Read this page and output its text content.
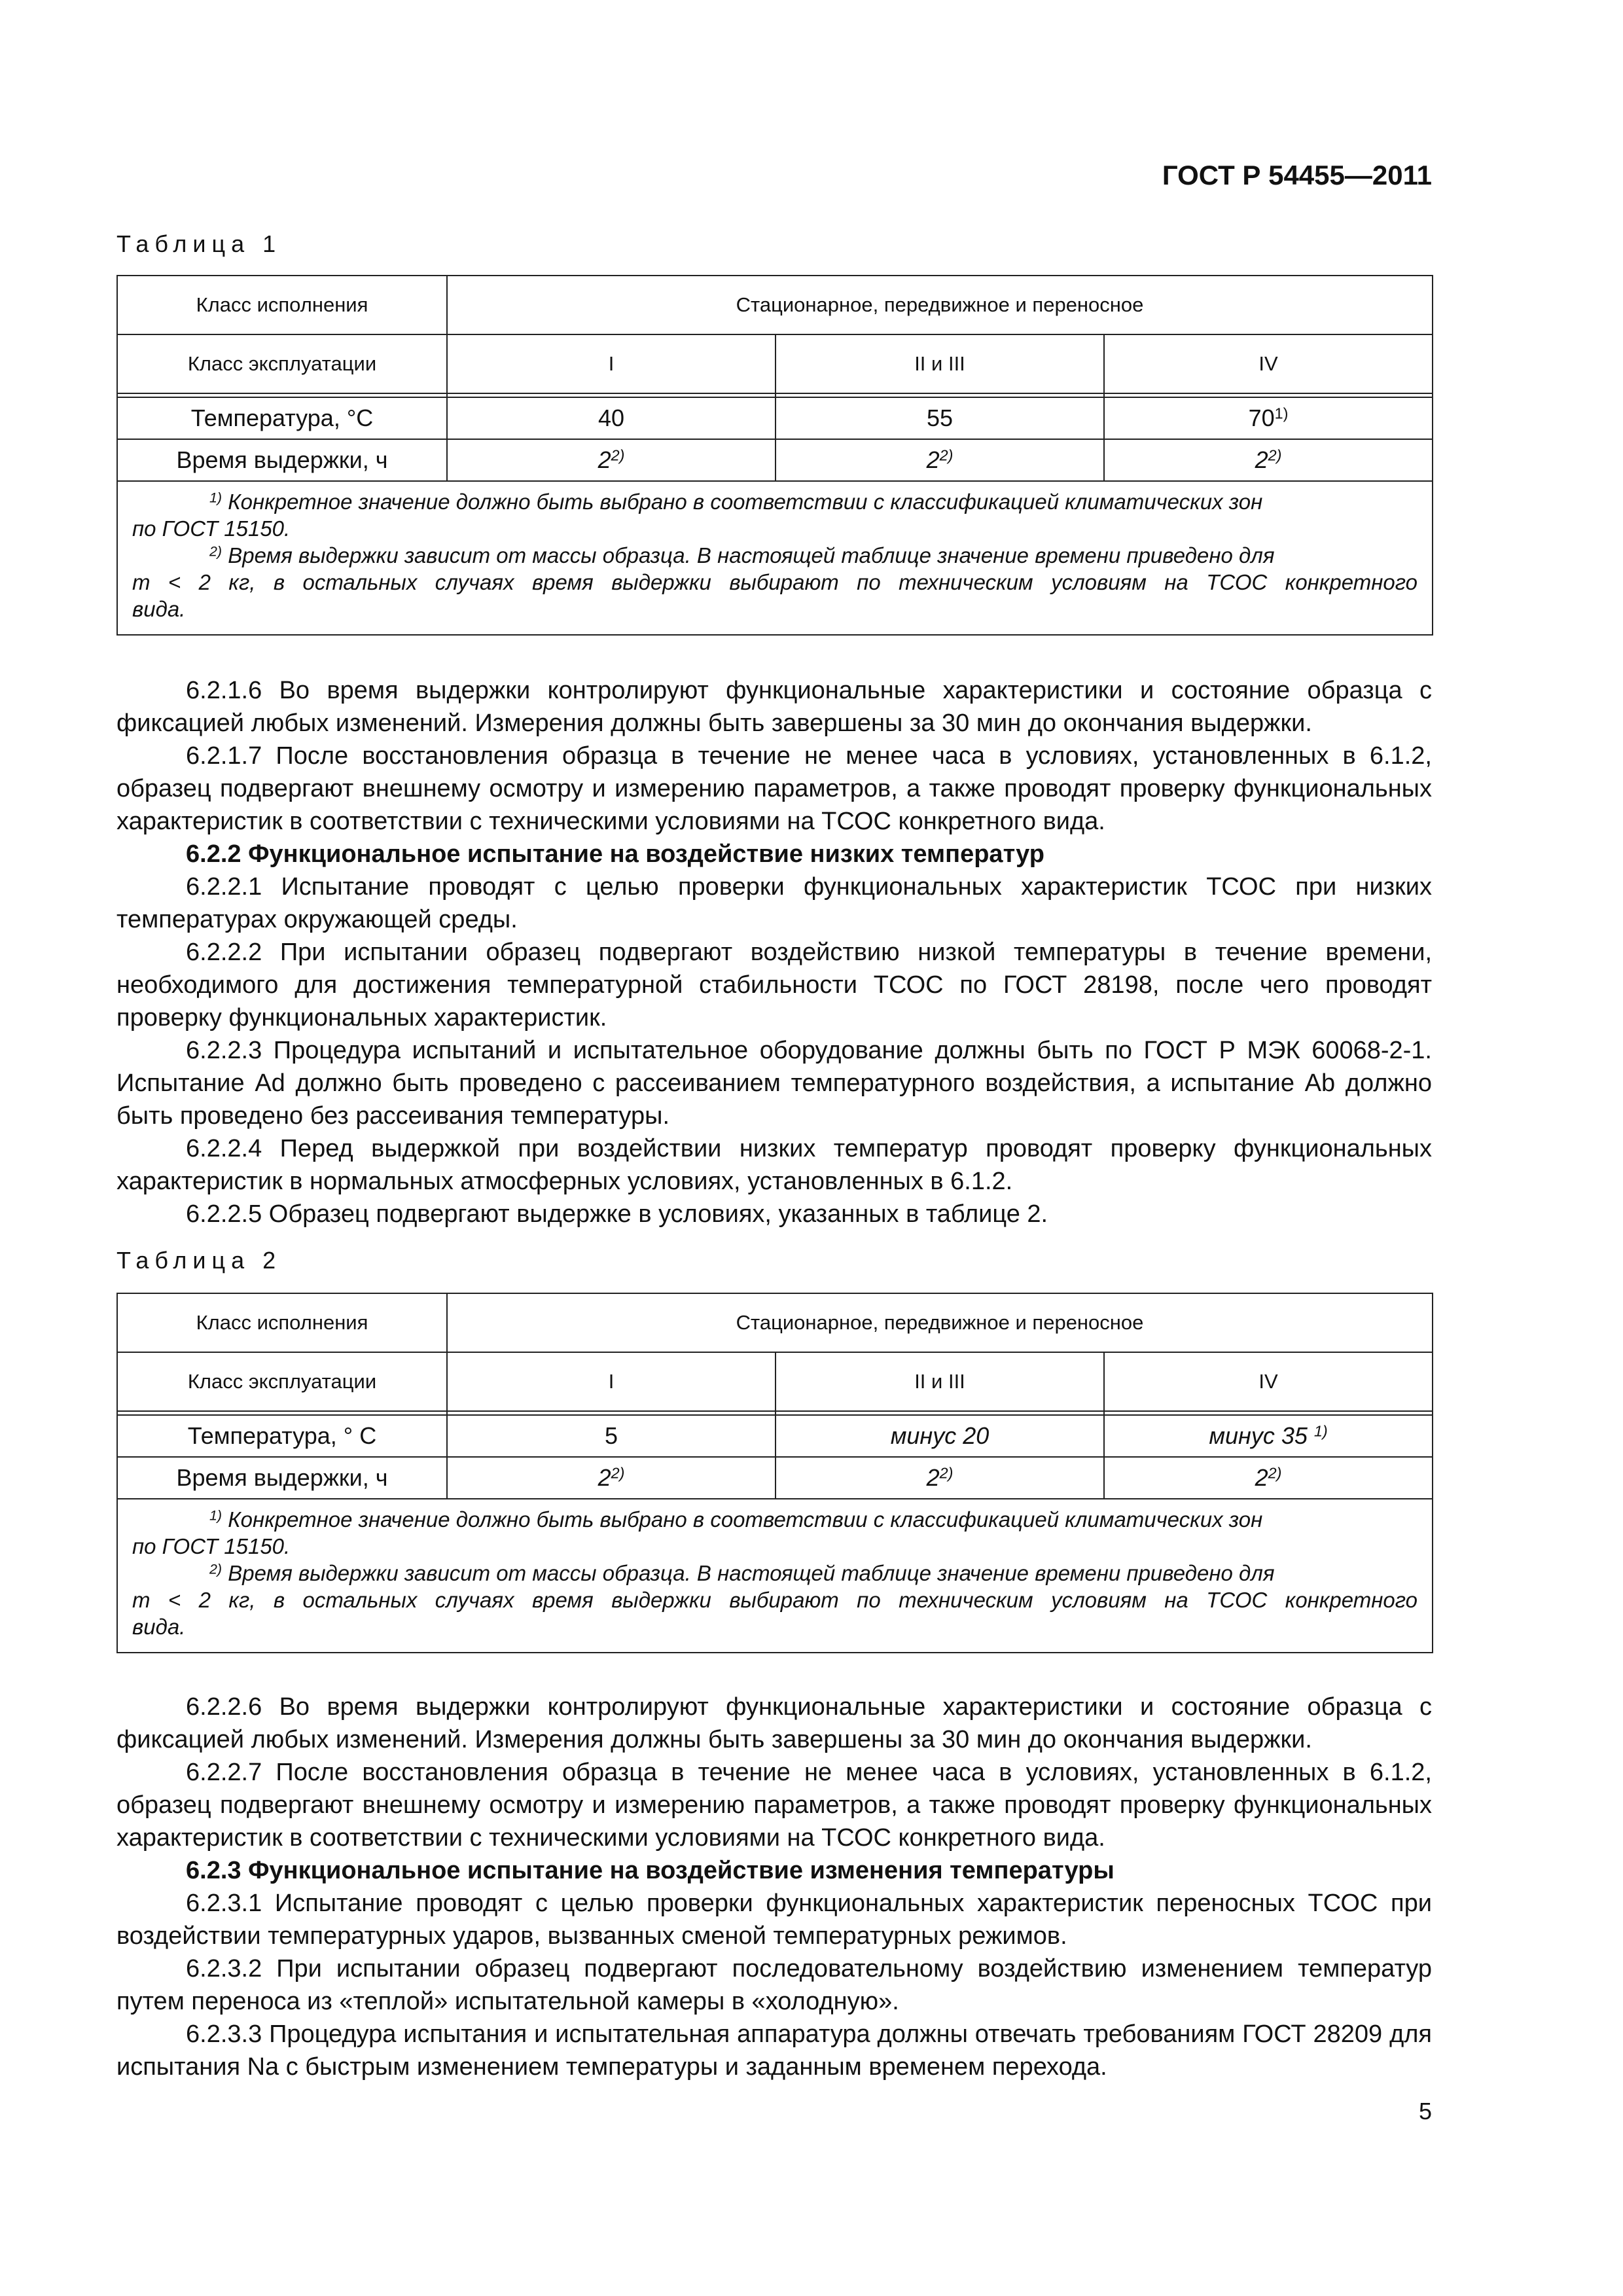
ГОСТ Р 54455—2011
Таблица 1
Класс исполнения	Стационарное, передвижное и переносное		
Класс эксплуатации	I	II и III	IV

Температура, °С	40	55	70$^{1)}$
Время выдержки, ч	2$^{2)}$	2$^{2)}$	2$^{2)}$

$^{1)}$ Конкретное значение должно быть выбрано в соответствии с классификацией климатических зон
по ГОСТ 15150.
$^{2)}$ Время выдержки зависит от массы образца. В настоящей таблице значение времени приведено для
m < 2 кг, в остальных случаях время выдержки выбирают по техническим условиям на ТСОС конкретного
вида.			

6.2.1.6 Во время выдержки контролируют функциональные характеристики и состояние образца с фиксацией любых изменений. Измерения должны быть завершены за 30 мин до окончания выдержки.

6.2.1.7 После восстановления образца в течение не менее часа в условиях, установленных в 6.1.2, образец подвергают внешнему осмотру и измерению параметров, а также проводят проверку функциональных характеристик в соответствии с техническими условиями на ТСОС конкретного вида.

6.2.2 Функциональное испытание на воздействие низких температур

6.2.2.1 Испытание проводят с целью проверки функциональных характеристик ТСОС при низких температурах окружающей среды.

6.2.2.2 При испытании образец подвергают воздействию низкой температуры в течение времени, необходимого для достижения температурной стабильности ТСОС по ГОСТ 28198, после чего проводят проверку функциональных характеристик.

6.2.2.3 Процедура испытаний и испытательное оборудование должны быть по ГОСТ Р МЭК 60068-2-1. Испытание Ad должно быть проведено с рассеиванием температурного воздействия, а испытание Ab должно быть проведено без рассеивания температуры.

6.2.2.4 Перед выдержкой при воздействии низких температур проводят проверку функциональных характеристик в нормальных атмосферных условиях, установленных в 6.1.2.

6.2.2.5 Образец подвергают выдержке в условиях, указанных в таблице 2.

Таблица 2
Класс исполнения	Стационарное, передвижное и переносное		
Класс эксплуатации	I	II и III	IV

Температура, ° С	5	минус 20	минус 35 $^{1)}$
Время выдержки, ч	2$^{2)}$	2$^{2)}$	2$^{2)}$

$^{1)}$ Конкретное значение должно быть выбрано в соответствии с классификацией климатических зон
по ГОСТ 15150.
$^{2)}$ Время выдержки зависит от массы образца. В настоящей таблице значение времени приведено для
m < 2 кг, в остальных случаях время выдержки выбирают по техническим условиям на ТСОС конкретного
вида.			

6.2.2.6 Во время выдержки контролируют функциональные характеристики и состояние образца с фиксацией любых изменений. Измерения должны быть завершены за 30 мин до окончания выдержки.

6.2.2.7 После восстановления образца в течение не менее часа в условиях, установленных в 6.1.2, образец подвергают внешнему осмотру и измерению параметров, а также проводят проверку функциональных характеристик в соответствии с техническими условиями на ТСОС конкретного вида.

6.2.3 Функциональное испытание на воздействие изменения температуры

6.2.3.1 Испытание проводят с целью проверки функциональных характеристик переносных ТСОС при воздействии температурных ударов, вызванных сменой температурных режимов.

6.2.3.2 При испытании образец подвергают последовательному воздействию изменением температур путем переноса из «теплой» испытательной камеры в «холодную».

6.2.3.3 Процедура испытания и испытательная аппаратура должны отвечать требованиям ГОСТ 28209 для испытания Na с быстрым изменением температуры и заданным временем перехода.

5
